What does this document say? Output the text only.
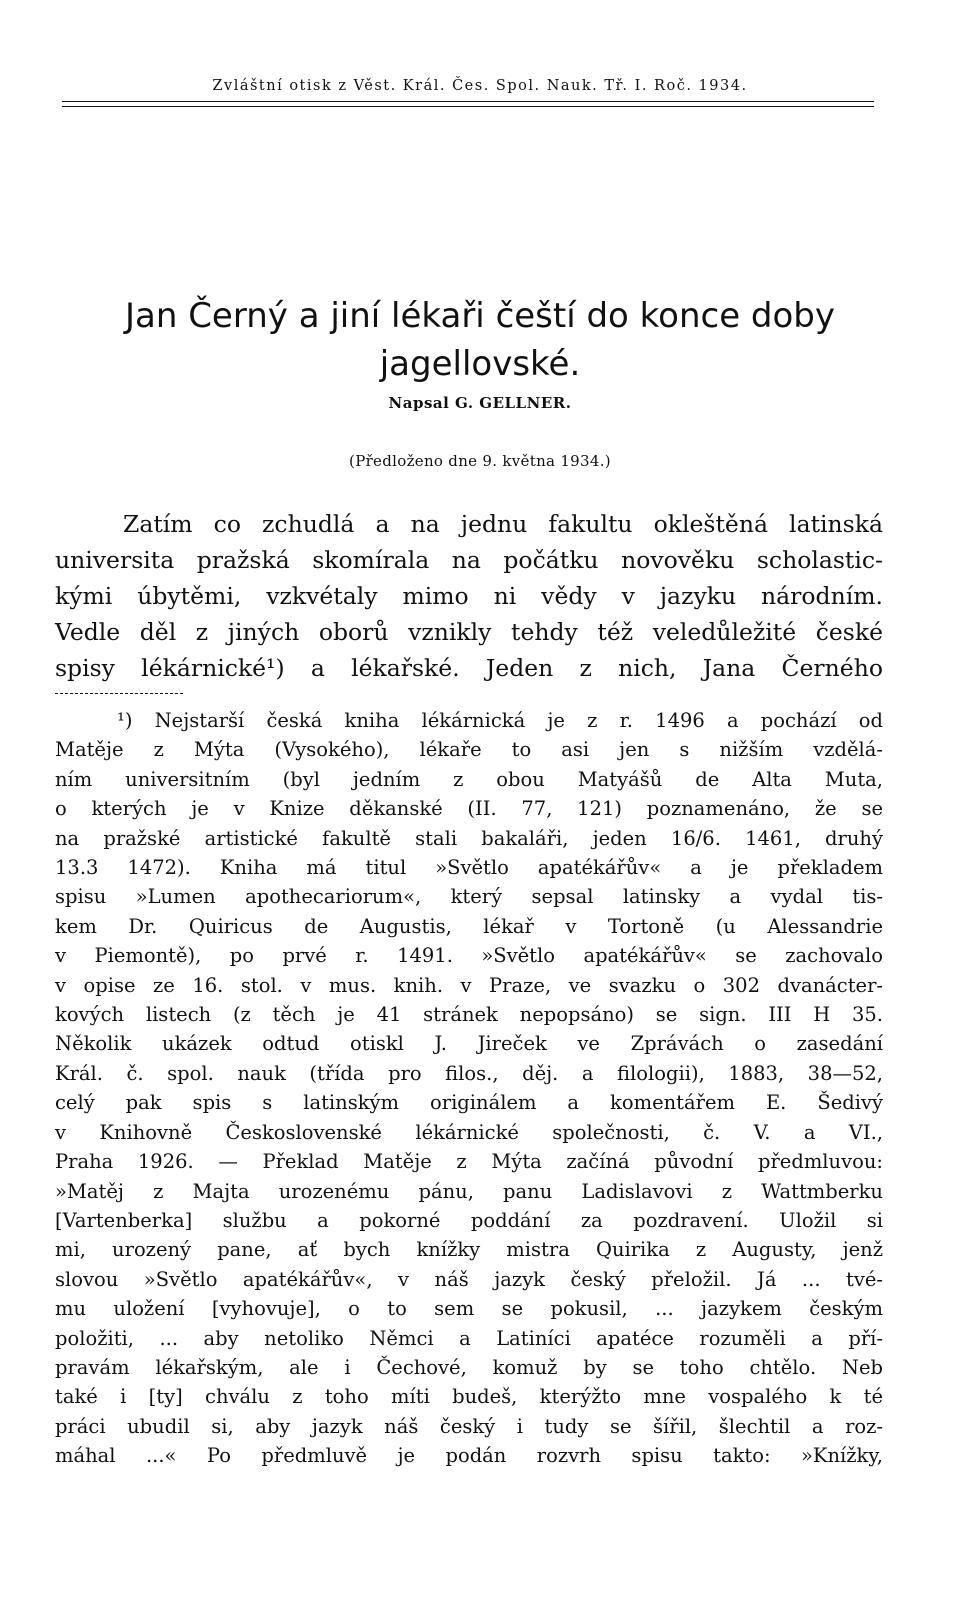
Zvláštní otisk z Věst. Král. Čes. Spol. Nauk. Tř. I. Roč. 1934.
Jan Černý a jiní lékaři čeští do konce doby jagellovské.
Napsal G. GELLNER.
(Předloženo dne 9. května 1934.)
Zatím co zchudlá a na jednu fakultu okleštěná latinská
universita pražská skomírala na počátku novověku scholastic-
kými úbytěmi, vzkvétaly mimo ni vědy v jazyku národním.
Vedle děl z jiných oborů vznikly tehdy též veledůležité české
spisy lékárnické¹) a lékařské. Jeden z nich, Jana Černého
¹) Nejstarší česká kniha lékárnická je z r. 1496 a pochází od
Matěje z Mýta (Vysokého), lékaře to asi jen s nižším vzdělá-
ním universitním (byl jedním z obou Matyášů de Alta Muta,
o kterých je v Knize děkanské (II. 77, 121) poznamenáno, že se
na pražské artistické fakultě stali bakaláři, jeden 16/6. 1461, druhý
13.3 1472). Kniha má titul »Světlo apatékářův« a je překladem
spisu »Lumen apothecariorum«, který sepsal latinsky a vydal tis-
kem Dr. Quiricus de Augustis, lékař v Tortoně (u Alessandrie
v Piemontě), po prvé r. 1491. »Světlo apatékářův« se zachovalo
v opise ze 16. stol. v mus. knih. v Praze, ve svazku o 302 dvanácter-
kových listech (z těch je 41 stránek nepopsáno) se sign. III H 35.
Několik ukázek odtud otiskl J. Jireček ve Zprávách o zasedání
Král. č. spol. nauk (třída pro filos., děj. a filologii), 1883, 38—52,
celý pak spis s latinským originálem a komentářem E. Šedivý
v Knihovně Československé lékárnické společnosti, č. V. a VI.,
Praha 1926. — Překlad Matěje z Mýta začíná původní předmluvou:
»Matěj z Majta urozenému pánu, panu Ladislavovi z Wattmberku
[Vartenberka] službu a pokorné poddání za pozdravení. Uložil si
mi, urozený pane, ať bych knížky mistra Quirika z Augusty, jenž
slovou »Světlo apatékářův«, v náš jazyk český přeložil. Já ... tvé-
mu uložení [vyhovuje], o to sem se pokusil, ... jazykem českým
položiti, ... aby netoliko Němci a Latiníci apatéce rozuměli a pří-
pravám lékařským, ale i Čechové, komuž by se toho chtělo. Neb
také i [ty] chválu z toho míti budeš, kterýžto mne vospalého k té
práci ubudil si, aby jazyk náš český i tudy se šířil, šlechtil a roz-
máhal ...« Po předmluvě je podán rozvrh spisu takto: »Knížky,
